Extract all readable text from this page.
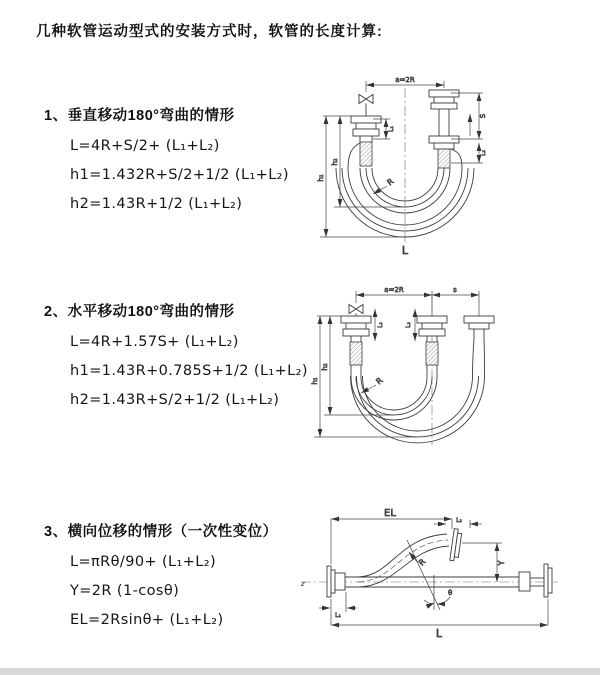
几种软管运动型式的安装方式时，软管的长度计算:
1、垂直移动180°弯曲的情形
L=4R+S/2+ (L₁+L₂)
h1=1.432R+S/2+1/2 (L₁+L₂)
h2=1.43R+1/2 (L₁+L₂)
a=2R
S
L₂
L₁
h₂
h₁	R
L
2、水平移动180°弯曲的情形
L=4R+1.57S+ (L₁+L₂)
h1=1.43R+0.785S+1/2 (L₁+L₂)
h2=1.43R+S/2+1/2 (L₁+L₂)
a=2R	s
L₁	L₂
h₂
h₁	R
3、横向位移的情形（一次性变位）
L=πRθ/90+ (L₁+L₂)
Y=2R (1-cosθ)
EL=2Rsinθ+ (L₁+L₂)
z
EL
L₂
Y
R
θ
L
L₁
